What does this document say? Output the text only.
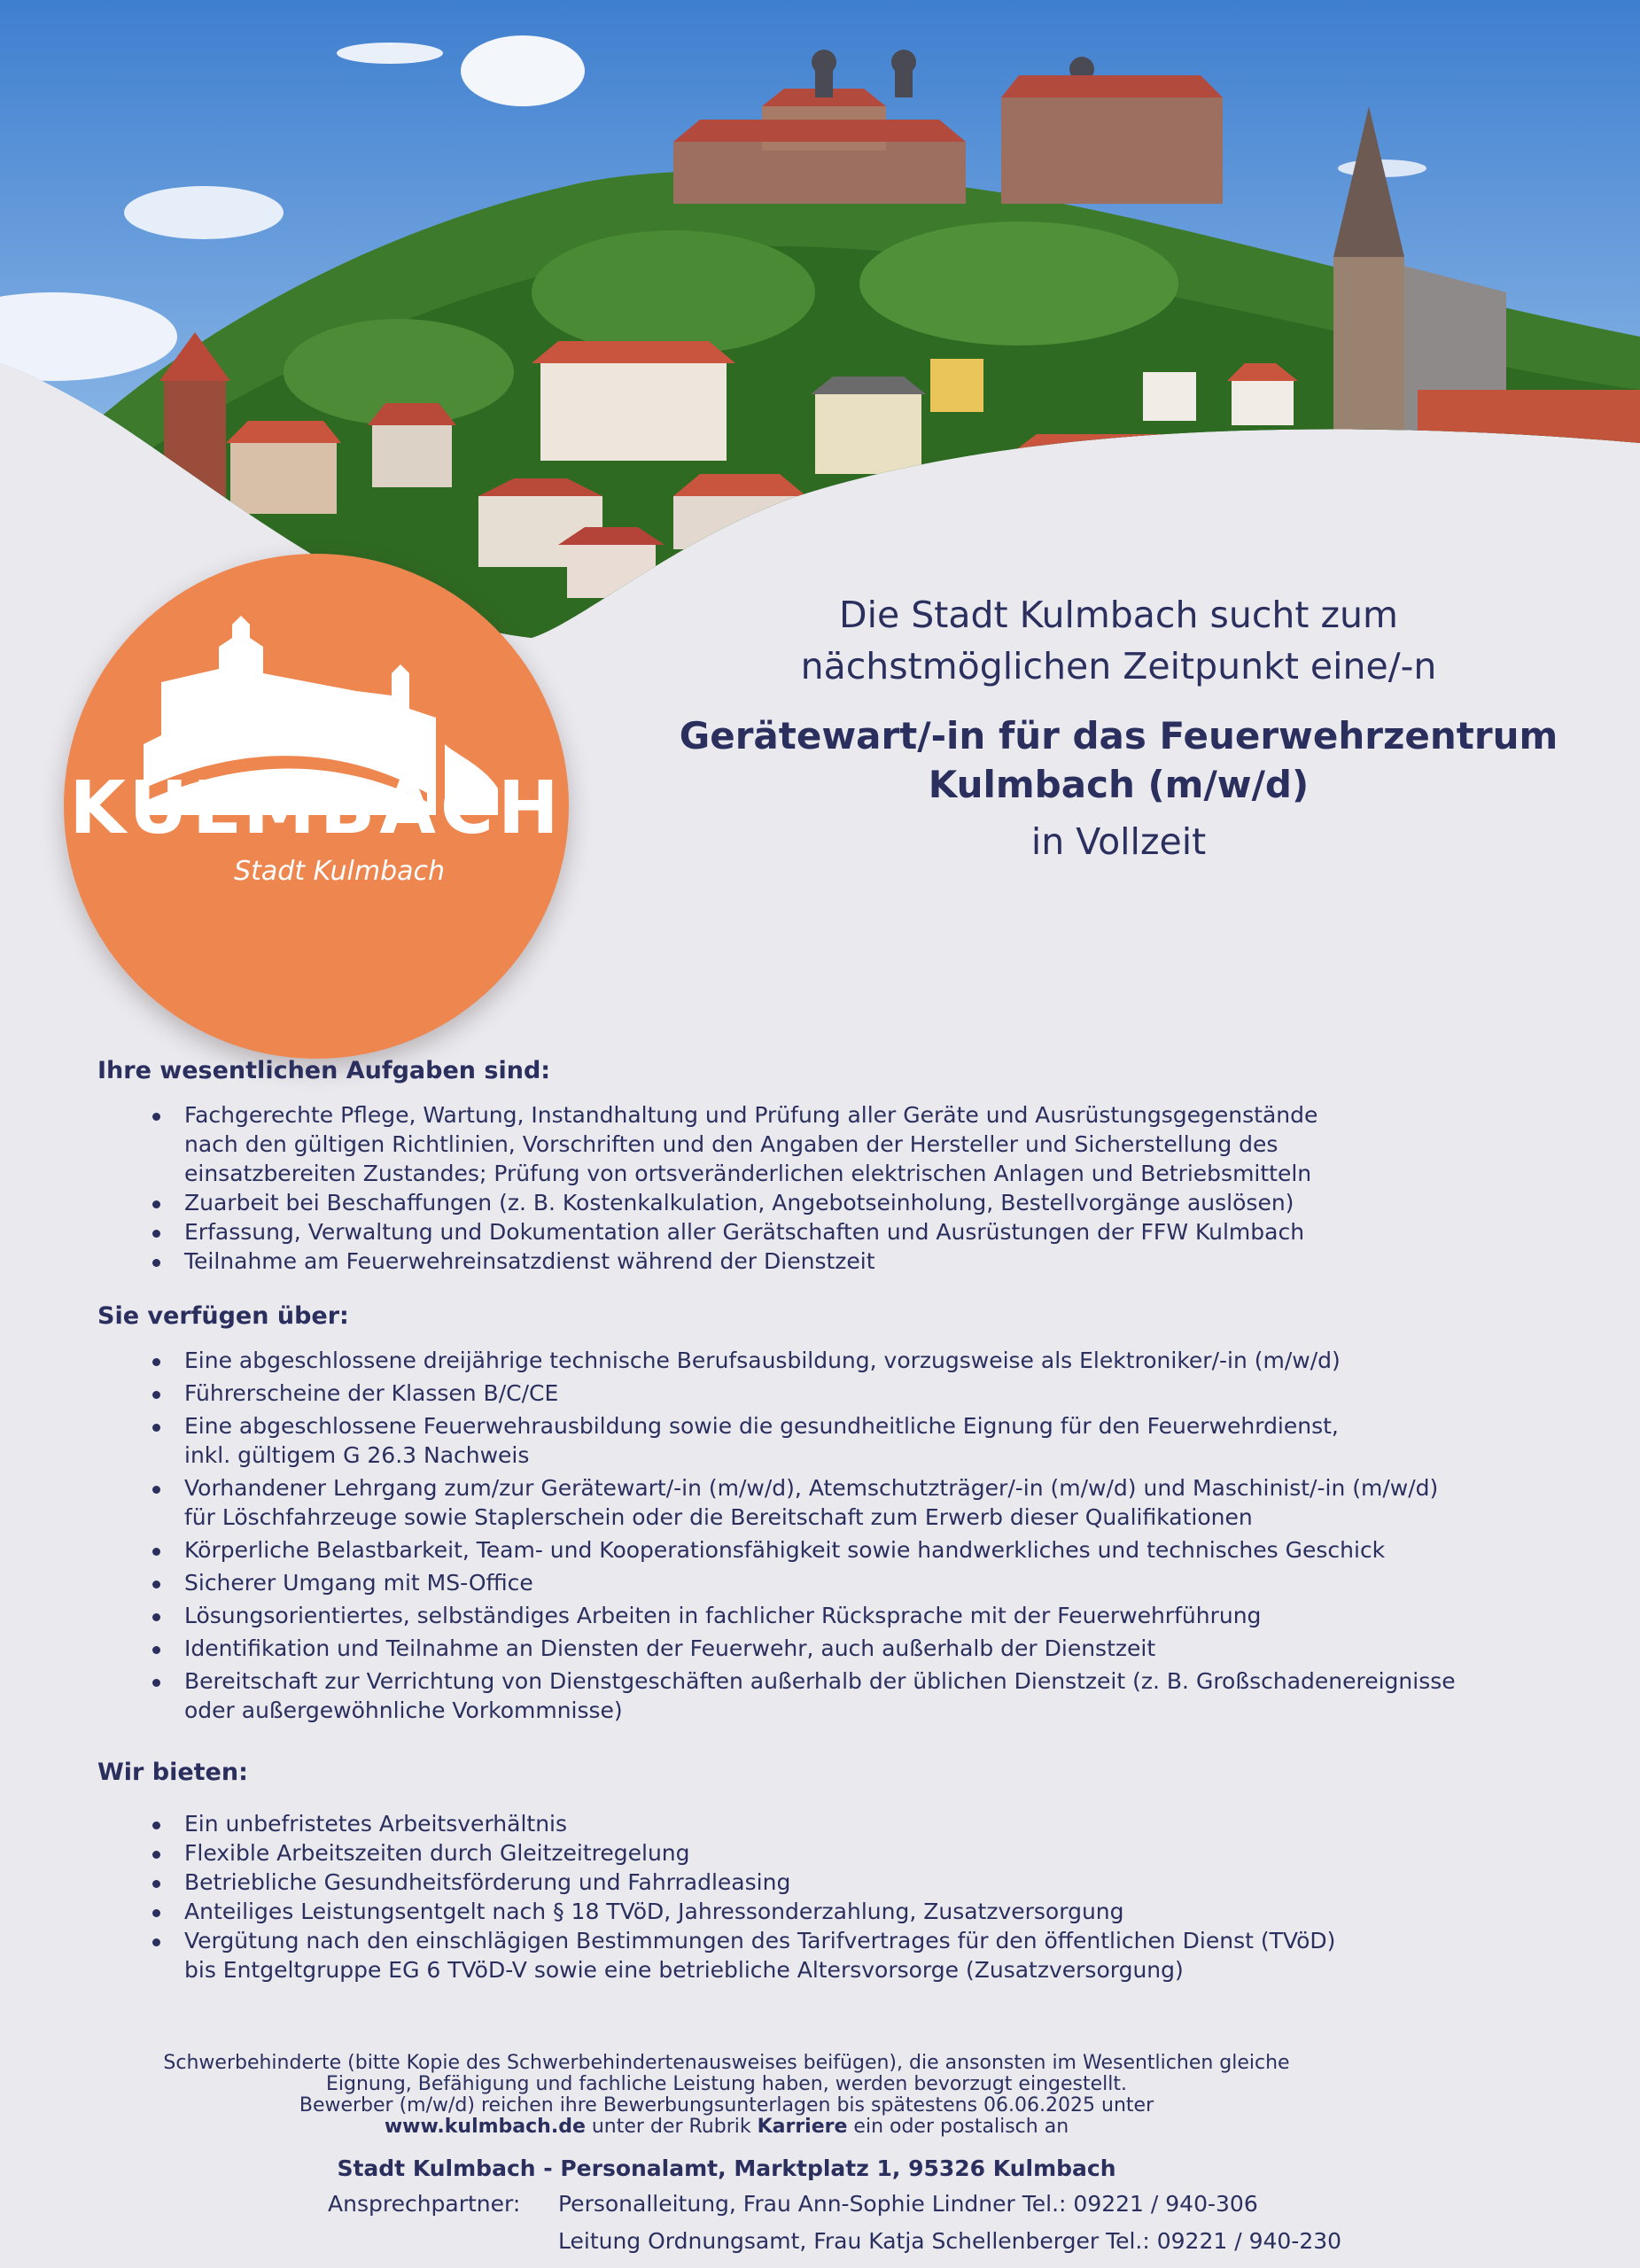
KULMBACH
Stadt Kulmbach
Die Stadt Kulmbach sucht zum
nächstmöglichen Zeitpunkt eine/-n
Gerätewart/-in für das Feuerwehrzentrum
Kulmbach (m/w/d)
in Vollzeit
Ihre wesentlichen Aufgaben sind:
Fachgerechte Pflege, Wartung, Instandhaltung und Prüfung aller Geräte und Ausrüstungsgegenstände
nach den gültigen Richtlinien, Vorschriften und den Angaben der Hersteller und Sicherstellung des
einsatzbereiten Zustandes; Prüfung von ortsveränderlichen elektrischen Anlagen und Betriebsmitteln
Zuarbeit bei Beschaffungen (z. B. Kostenkalkulation, Angebotseinholung, Bestellvorgänge auslösen)
Erfassung, Verwaltung und Dokumentation aller Gerätschaften und Ausrüstungen der FFW Kulmbach
Teilnahme am Feuerwehreinsatzdienst während der Dienstzeit
Sie verfügen über:
Eine abgeschlossene dreijährige technische Berufsausbildung, vorzugsweise als Elektroniker/-in (m/w/d)
Führerscheine der Klassen B/C/CE
Eine abgeschlossene Feuerwehrausbildung sowie die gesundheitliche Eignung für den Feuerwehrdienst,
inkl. gültigem G 26.3 Nachweis
Vorhandener Lehrgang zum/zur Gerätewart/-in (m/w/d), Atemschutzträger/-in (m/w/d) und Maschinist/-in (m/w/d)
für Löschfahrzeuge sowie Staplerschein oder die Bereitschaft zum Erwerb dieser Qualifikationen
Körperliche Belastbarkeit, Team- und Kooperationsfähigkeit sowie handwerkliches und technisches Geschick
Sicherer Umgang mit MS-Office
Lösungsorientiertes, selbständiges Arbeiten in fachlicher Rücksprache mit der Feuerwehrführung
Identifikation und Teilnahme an Diensten der Feuerwehr, auch außerhalb der Dienstzeit
Bereitschaft zur Verrichtung von Dienstgeschäften außerhalb der üblichen Dienstzeit (z. B. Großschadenereignisse
oder außergewöhnliche Vorkommnisse)
Wir bieten:
Ein unbefristetes Arbeitsverhältnis
Flexible Arbeitszeiten durch Gleitzeitregelung
Betriebliche Gesundheitsförderung und Fahrradleasing
Anteiliges Leistungsentgelt nach § 18 TVöD, Jahressonderzahlung, Zusatzversorgung
Vergütung nach den einschlägigen Bestimmungen des Tarifvertrages für den öffentlichen Dienst (TVöD)
bis Entgeltgruppe EG 6 TVöD-V sowie eine betriebliche Altersvorsorge (Zusatzversorgung)
Schwerbehinderte (bitte Kopie des Schwerbehindertenausweises beifügen), die ansonsten im Wesentlichen gleiche
Eignung, Befähigung und fachliche Leistung haben, werden bevorzugt eingestellt.
Bewerber (m/w/d) reichen ihre Bewerbungsunterlagen bis spätestens 06.06.2025 unter
www.kulmbach.de unter der Rubrik Karriere ein oder postalisch an
Stadt Kulmbach - Personalamt, Marktplatz 1, 95326 Kulmbach
Ansprechpartner:	Personalleitung, Frau Ann-Sophie Lindner Tel.: 09221 / 940-306
Leitung Ordnungsamt, Frau Katja Schellenberger Tel.: 09221 / 940-230
